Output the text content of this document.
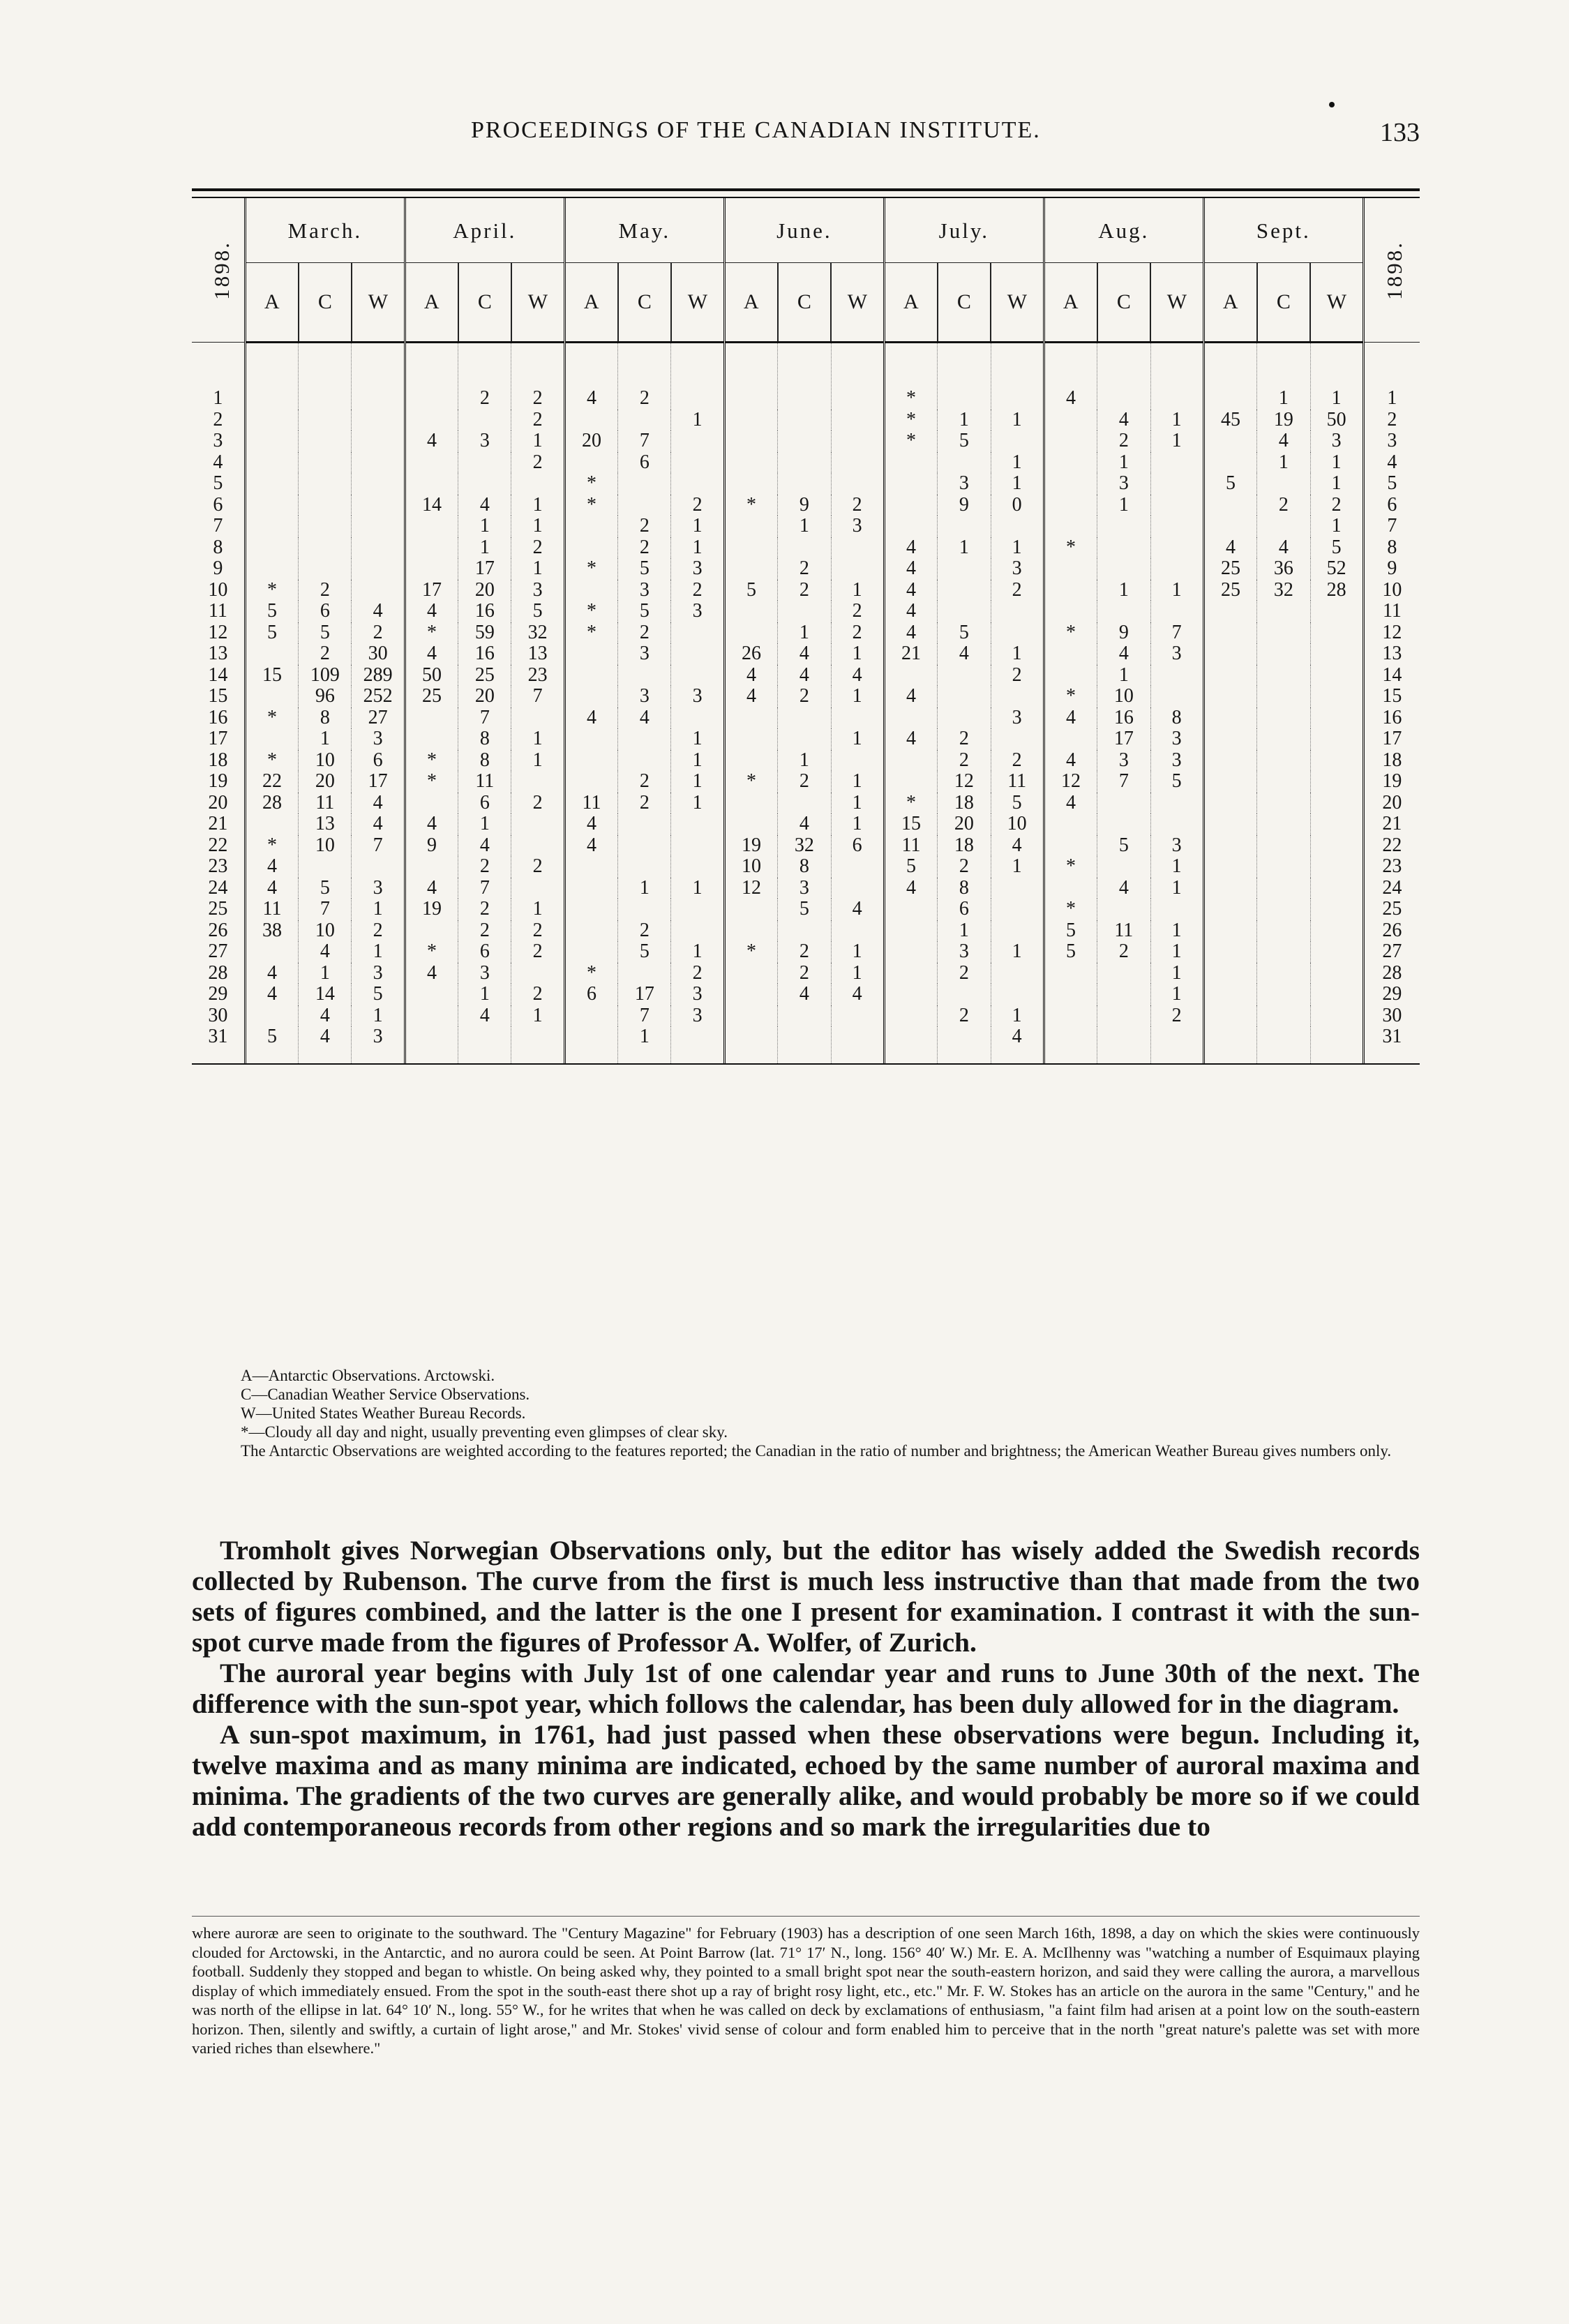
PROCEEDINGS OF THE CANADIAN INSTITUTE.	133
1898.	March.			April.			May.			June.			July.			Aug.			Sept.			1898.
	A	C	W	A	C	W	A	C	W	A	C	W	A	C	W	A	C	W	A	C	W	
1					2	2	4	2					*			4				1	1	1
2						2			1				*	1	1		4	1	45	19	50	2
3				4	3	1	20	7					*	5			2	1		4	3	3
4						2		6							1		1			1	1	4
5							*							3	1		3		5		1	5
6				14	4	1	*		2	*	9	2		9	0		1			2	2	6
7					1	1		2	1		1	3									1	7
8					1	2		2	1				4	1	1	*			4	4	5	8
9					17	1	*	5	3		2		4		3				25	36	52	9
10	*	2		17	20	3		3	2	5	2	1	4		2		1	1	25	32	28	10
11	5	6	4	4	16	5	*	5	3			2	4									11
12	5	5	2	*	59	32	*	2			1	2	4	5		*	9	7				12
13		2	30	4	16	13		3		26	4	1	21	4	1		4	3				13
14	15	109	289	50	25	23				4	4	4			2		1					14
15		96	252	25	20	7		3	3	4	2	1	4			*	10					15
16	*	8	27		7		4	4							3	4	16	8				16
17		1	3		8	1			1			1	4	2			17	3				17
18	*	10	6	*	8	1			1		1			2	2	4	3	3				18
19	22	20	17	*	11			2	1	*	2	1		12	11	12	7	5				19
20	28	11	4		6	2	11	2	1			1	*	18	5	4						20
21		13	4	4	1		4				4	1	15	20	10							21
22	*	10	7	9	4		4			19	32	6	11	18	4		5	3				22
23	4				2	2				10	8		5	2	1	*		1				23
24	4	5	3	4	7			1	1	12	3		4	8			4	1				24
25	11	7	1	19	2	1					5	4		6		*						25
26	38	10	2		2	2		2						1		5	11	1				26
27		4	1	*	6	2		5	1	*	2	1		3	1	5	2	1				27
28	4	1	3	4	3		*		2		2	1		2				1				28
29	4	14	5		1	2	6	17	3		4	4						1				29
30		4	1		4	1		7	3					2	1			2				30
31	5	4	3					1							4							31

A—Antarctic Observations. Arctowski.

C—Canadian Weather Service Observations.

W—United States Weather Bureau Records.

*—Cloudy all day and night, usually preventing even glimpses of clear sky.

The Antarctic Observations are weighted according to the features reported; the Canadian in the ratio of number and brightness; the American Weather Bureau gives numbers only.

Tromholt gives Norwegian Observations only, but the editor has wisely added the Swedish records collected by Rubenson. The curve from the first is much less instructive than that made from the two sets of figures combined, and the latter is the one I present for examination. I contrast it with the sun-spot curve made from the figures of Professor A. Wolfer, of Zurich.

The auroral year begins with July 1st of one calendar year and runs to June 30th of the next. The difference with the sun-spot year, which follows the calendar, has been duly allowed for in the diagram.

A sun-spot maximum, in 1761, had just passed when these observations were begun. Including it, twelve maxima and as many minima are indicated, echoed by the same number of auroral maxima and minima. The gradients of the two curves are generally alike, and would probably be more so if we could add contemporaneous records from other regions and so mark the irregularities due to

where auroræ are seen to originate to the southward. The "Century Magazine" for February (1903) has a description of one seen March 16th, 1898, a day on which the skies were continuously clouded for Arctowski, in the Antarctic, and no aurora could be seen. At Point Barrow (lat. 71° 17′ N., long. 156° 40′ W.) Mr. E. A. McIlhenny was "watching a number of Esquimaux playing football. Suddenly they stopped and began to whistle. On being asked why, they pointed to a small bright spot near the south-eastern horizon, and said they were calling the aurora, a marvellous display of which immediately ensued. From the spot in the south-east there shot up a ray of bright rosy light, etc., etc." Mr. F. W. Stokes has an article on the aurora in the same "Century," and he was north of the ellipse in lat. 64° 10′ N., long. 55° W., for he writes that when he was called on deck by exclamations of enthusiasm, "a faint film had arisen at a point low on the south-eastern horizon. Then, silently and swiftly, a curtain of light arose," and Mr. Stokes' vivid sense of colour and form enabled him to perceive that in the north "great nature's palette was set with more varied riches than elsewhere."
